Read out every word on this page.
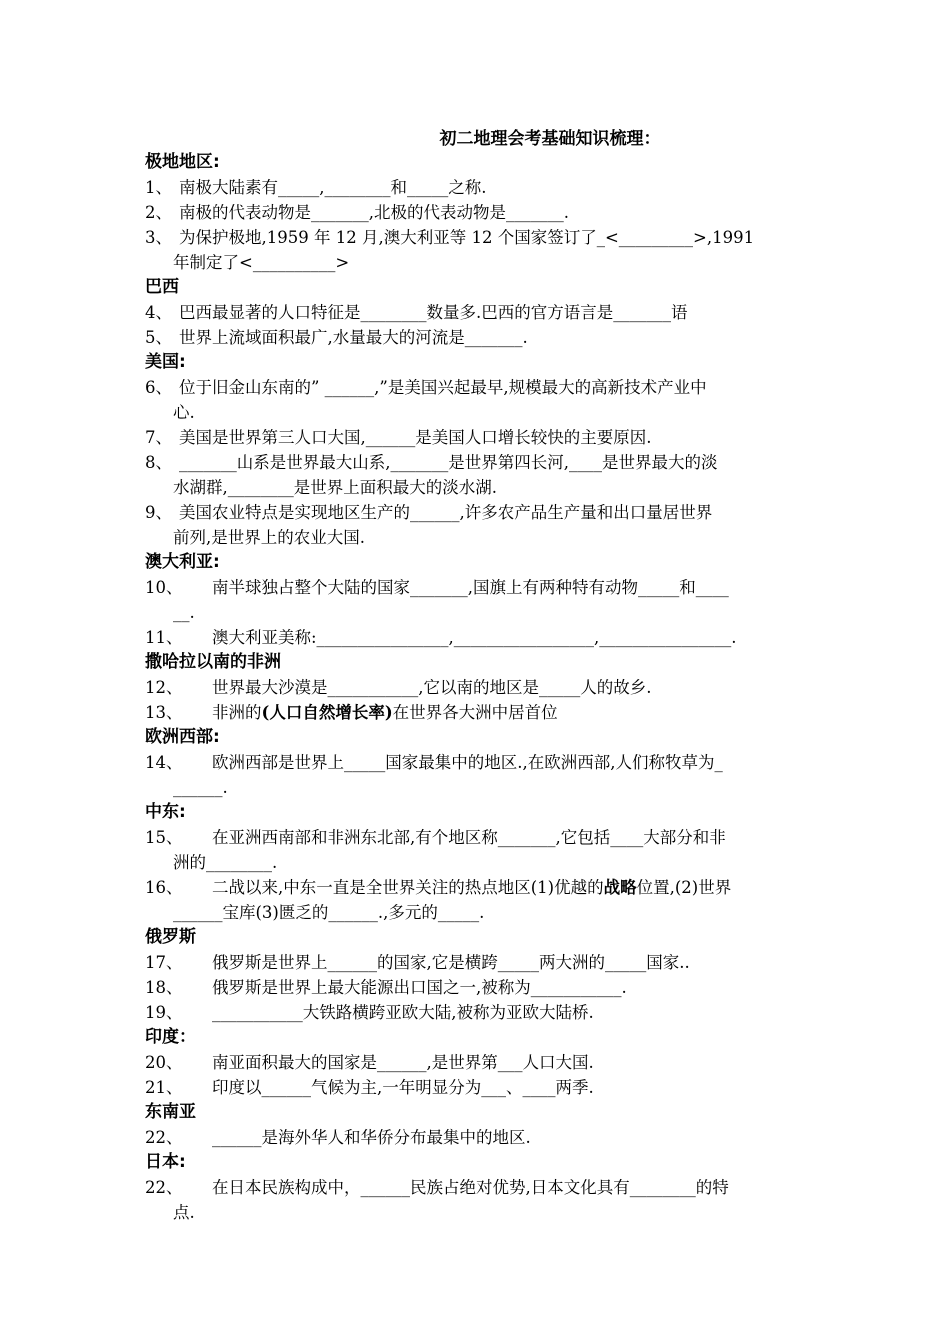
初二地理会考基础知识梳理：
极地地区:
1、 南极大陆素有_____,________和_____之称.
2、 南极的代表动物是_______,北极的代表动物是_______.
3、 为保护极地,1959 年 12 月,澳大利亚等 12 个国家签订了_<_________>,1991
年制定了<__________>
巴西
4、 巴西最显著的人口特征是________数量多.巴西的官方语言是_______语
5、 世界上流域面积最广,水量最大的河流是_______.
美国:
6、 位于旧金山东南的” ______,”是美国兴起最早,规模最大的高新技术产业中
心.
7、 美国是世界第三人口大国,______是美国人口增长较快的主要原因.
8、 _______山系是世界最大山系,_______是世界第四长河,____是世界最大的淡
水湖群,________是世界上面积最大的淡水湖.
9、 美国农业特点是实现地区生产的______,许多农产品生产量和出口量居世界
前列,是世界上的农业大国.
澳大利亚:
10、	南半球独占整个大陆的国家_______,国旗上有两种特有动物_____和____
__.
11、	澳大利亚美称:________________,_________________,________________.
撒哈拉以南的非洲
12、	世界最大沙漠是___________,它以南的地区是_____人的故乡.
13、	非洲的(人口自然增长率)在世界各大洲中居首位
欧洲西部:
14、	欧洲西部是世界上_____国家最集中的地区.,在欧洲西部,人们称牧草为_
______.
中东:
15、	在亚洲西南部和非洲东北部,有个地区称_______,它包括____大部分和非
洲的________.
16、	二战以来,中东一直是全世界关注的热点地区(1)优越的战略位置,(2)世界
______宝库(3)匮乏的______.,多元的_____.
俄罗斯
17、	俄罗斯是世界上______的国家,它是横跨_____两大洲的_____国家..
18、	俄罗斯是世界上最大能源出口国之一,被称为___________.
19、	___________大铁路横跨亚欧大陆,被称为亚欧大陆桥.
印度：
20、	南亚面积最大的国家是______,是世界第___人口大国.
21、	印度以______气候为主,一年明显分为___、____两季.
东南亚
22、	______是海外华人和华侨分布最集中的地区.
日本:
22、	在日本民族构成中，______民族占绝对优势,日本文化具有________的特
点.
